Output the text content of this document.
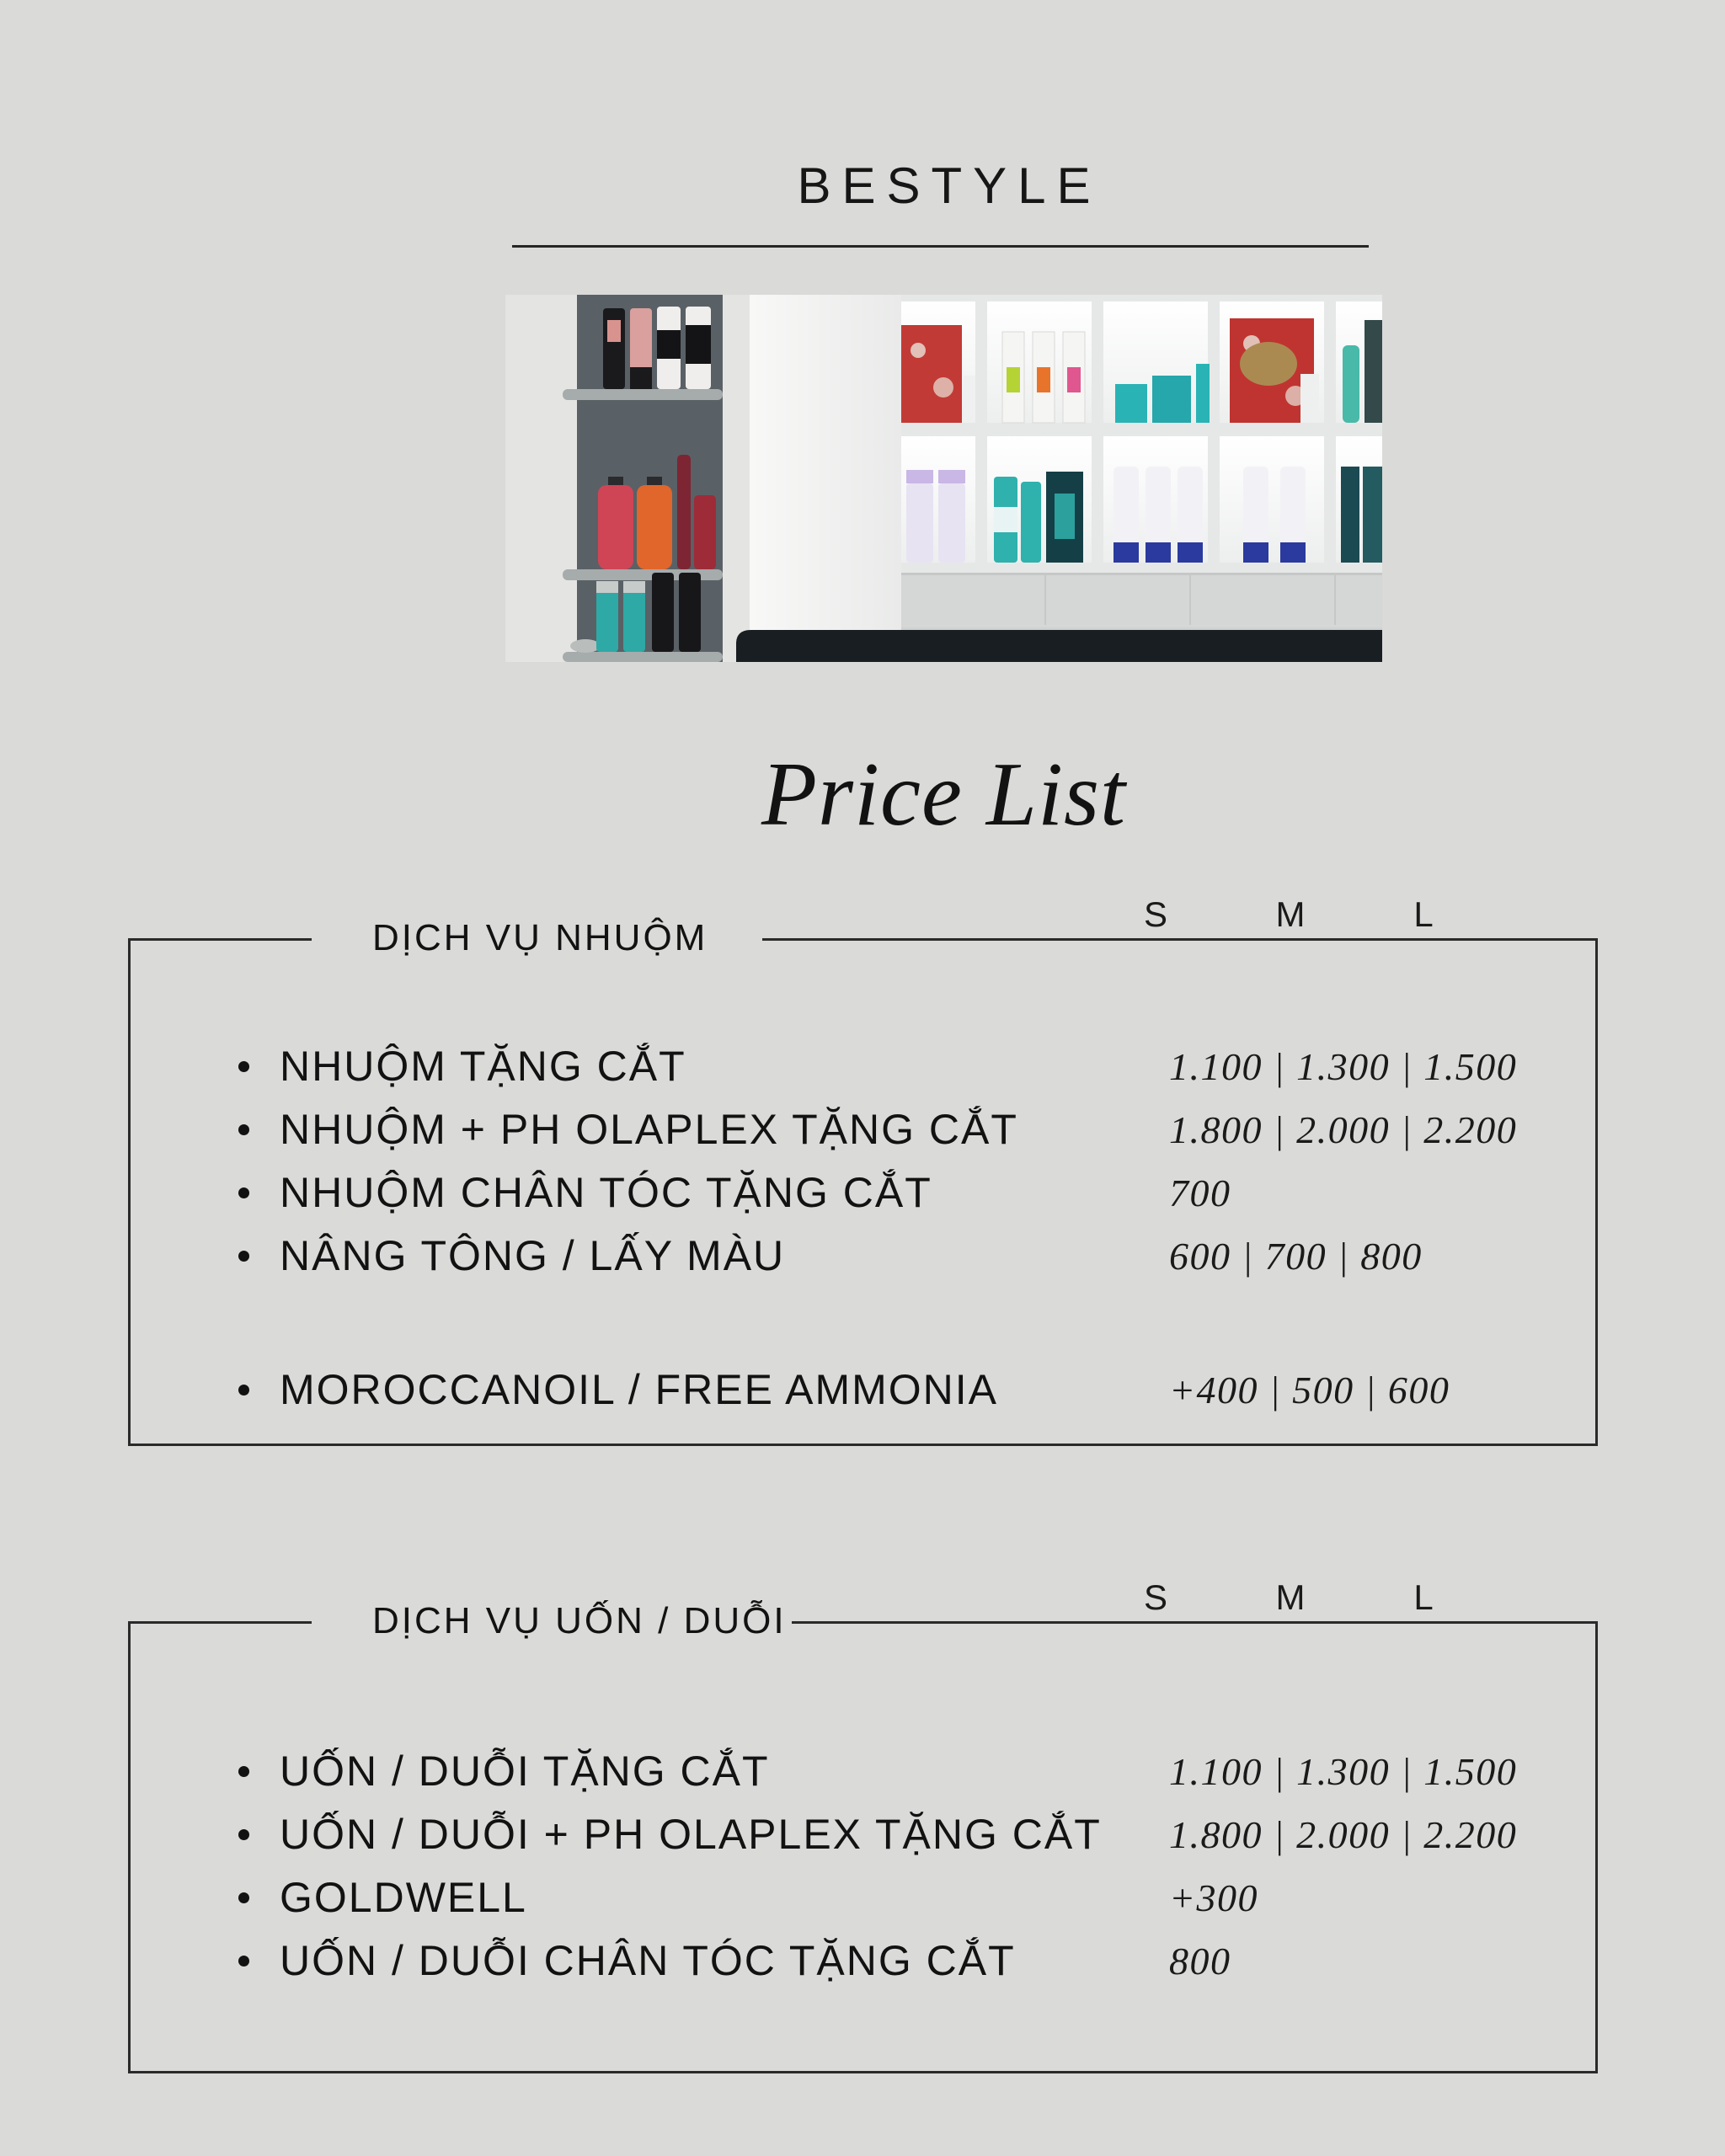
BESTYLE
Price List
DỊCH VỤ NHUỘM
S	M	L
NHUỘM TẶNG CẮT	1.100 | 1.300 | 1.500
NHUỘM + PH OLAPLEX TẶNG CẮT	1.800 | 2.000 | 2.200
NHUỘM CHÂN TÓC TẶNG CẮT	700
NÂNG TÔNG / LẤY MÀU	600 | 700 | 800
MOROCCANOIL / FREE AMMONIA	+400 | 500 | 600
DỊCH VỤ UỐN / DUỖI
S	M	L
UỐN / DUỖI TẶNG CẮT	1.100 | 1.300 | 1.500
UỐN / DUỖI + PH OLAPLEX TẶNG CẮT 1.800 | 2.000 | 2.200
GOLDWELL	+300
UỐN / DUỖI CHÂN TÓC TẶNG CẮT	800
